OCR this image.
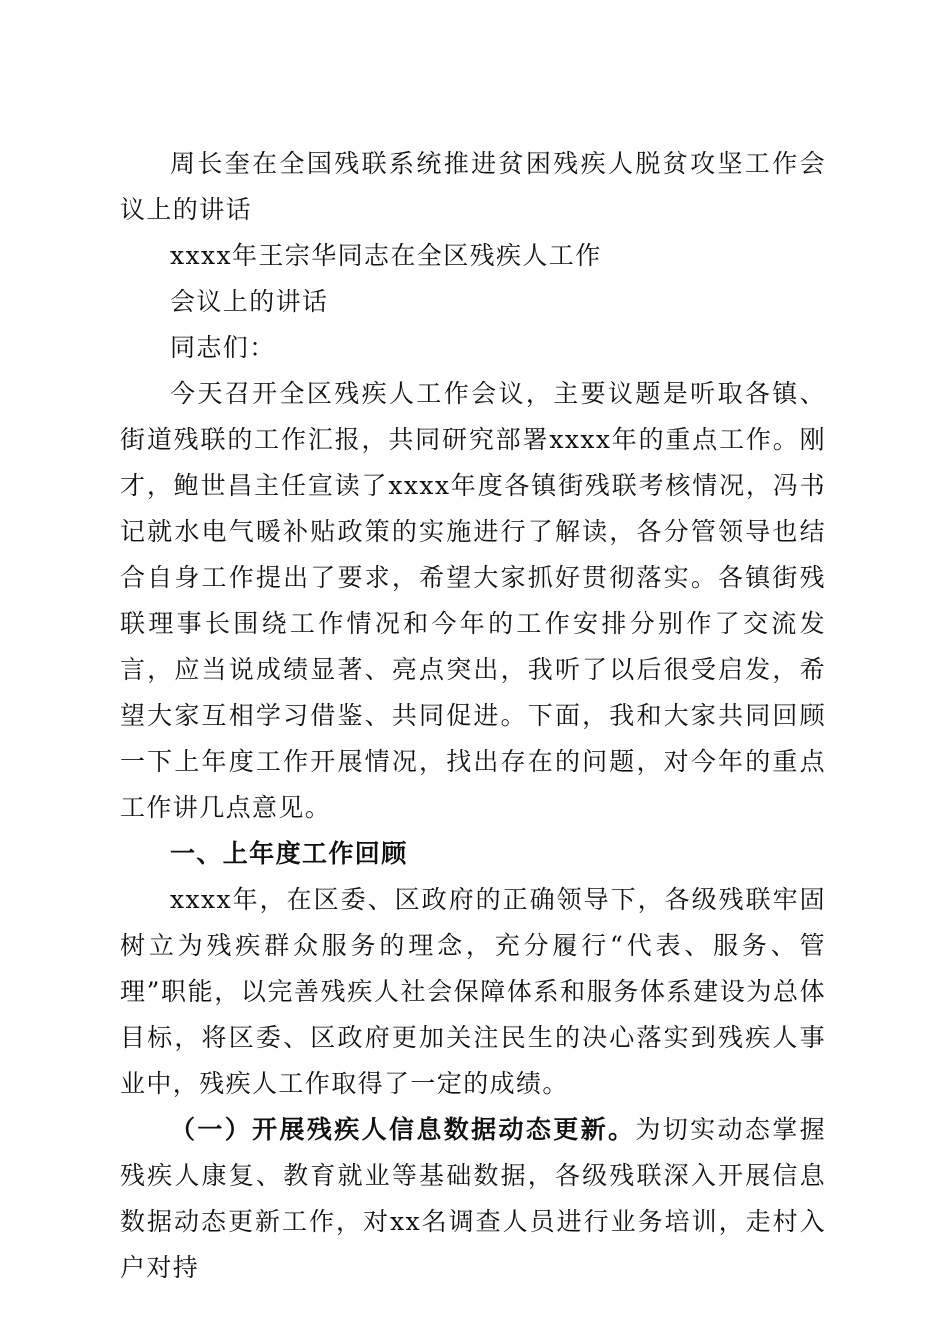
周长奎在全国残联系统推进贫困残疾人脱贫攻坚工作会议上的讲话

xxxx年王宗华同志在全区残疾人工作

会议上的讲话

同志们：

今天召开全区残疾人工作会议，主要议题是听取各镇、街道残联的工作汇报，共同研究部署xxxx年的重点工作。刚才，鲍世昌主任宣读了xxxx年度各镇街残联考核情况，冯书记就水电气暖补贴政策的实施进行了解读，各分管领导也结合自身工作提出了要求，希望大家抓好贯彻落实。各镇街残联理事长围绕工作情况和今年的工作安排分别作了交流发言，应当说成绩显著、亮点突出，我听了以后很受启发，希望大家互相学习借鉴、共同促进。下面，我和大家共同回顾一下上年度工作开展情况，找出存在的问题，对今年的重点工作讲几点意见。

一、上年度工作回顾

xxxx年，在区委、区政府的正确领导下，各级残联牢固树立为残疾群众服务的理念，充分履行“代表、服务、管理”职能，以完善残疾人社会保障体系和服务体系建设为总体目标，将区委、区政府更加关注民生的决心落实到残疾人事业中，残疾人工作取得了一定的成绩。

（一）开展残疾人信息数据动态更新。为切实动态掌握残疾人康复、教育就业等基础数据，各级残联深入开展信息数据动态更新工作，对xx名调查人员进行业务培训，走村入户对持
